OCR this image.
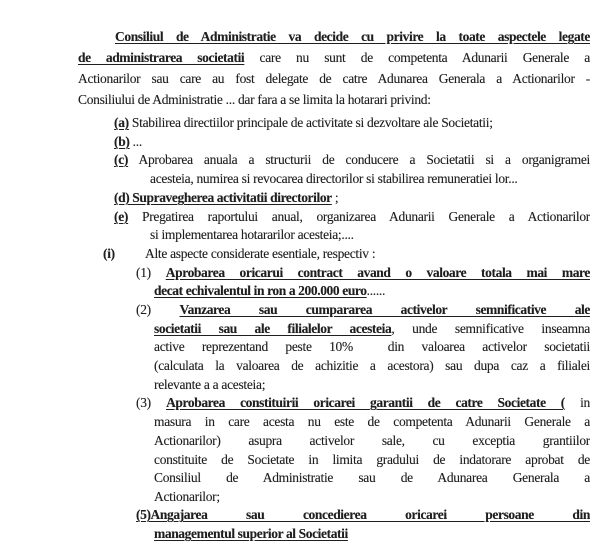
Consiliul de Administratie va decide cu privire la toate aspectele legate
de administrarea societatii care nu sunt de competenta Adunarii Generale a
Actionarilor sau care au fost delegate de catre Adunarea Generala a Actionarilor -
Consiliului de Administratie ... dar fara a se limita la hotarari privind:
(a) Stabilirea directiilor principale de activitate si dezvoltare ale Societatii;
(b) ...
(c) Aprobarea anuala a structurii de conducere a Societatii si a organigramei
acesteia, numirea si revocarea directorilor si stabilirea remuneratiei lor...
(d) Supravegherea activitatii directorilor ;
(e) Pregatirea raportului anual, organizarea Adunarii Generale a Actionarilor
si implementarea hotararilor acesteia;....
(i) Alte aspecte considerate esentiale, respectiv :
(1) Aprobarea oricarui contract avand o valoare totala mai mare
decat echivalentul in ron a 200.000 euro......
(2) Vanzarea sau cumpararea activelor semnificative ale
societatii sau ale filialelor acesteia, unde semnificative inseamna
active reprezentand peste 10%  din valoarea activelor societatii
(calculata la valoarea de achizitie a acestora) sau dupa caz a filialei
relevante a a acesteia;
(3) Aprobarea constituirii oricarei garantii de catre Societate ( in
masura in care acesta nu este de competenta Adunarii Generale a
Actionarilor) asupra activelor sale, cu exceptia grantiilor
constituite de Societate in limita gradului de indatorare aprobat de
Consiliul de Administratie sau de Adunarea Generala a
Actionarilor;
(5)Angajarea sau concedierea oricarei persoane din
managementul superior al Societatii
